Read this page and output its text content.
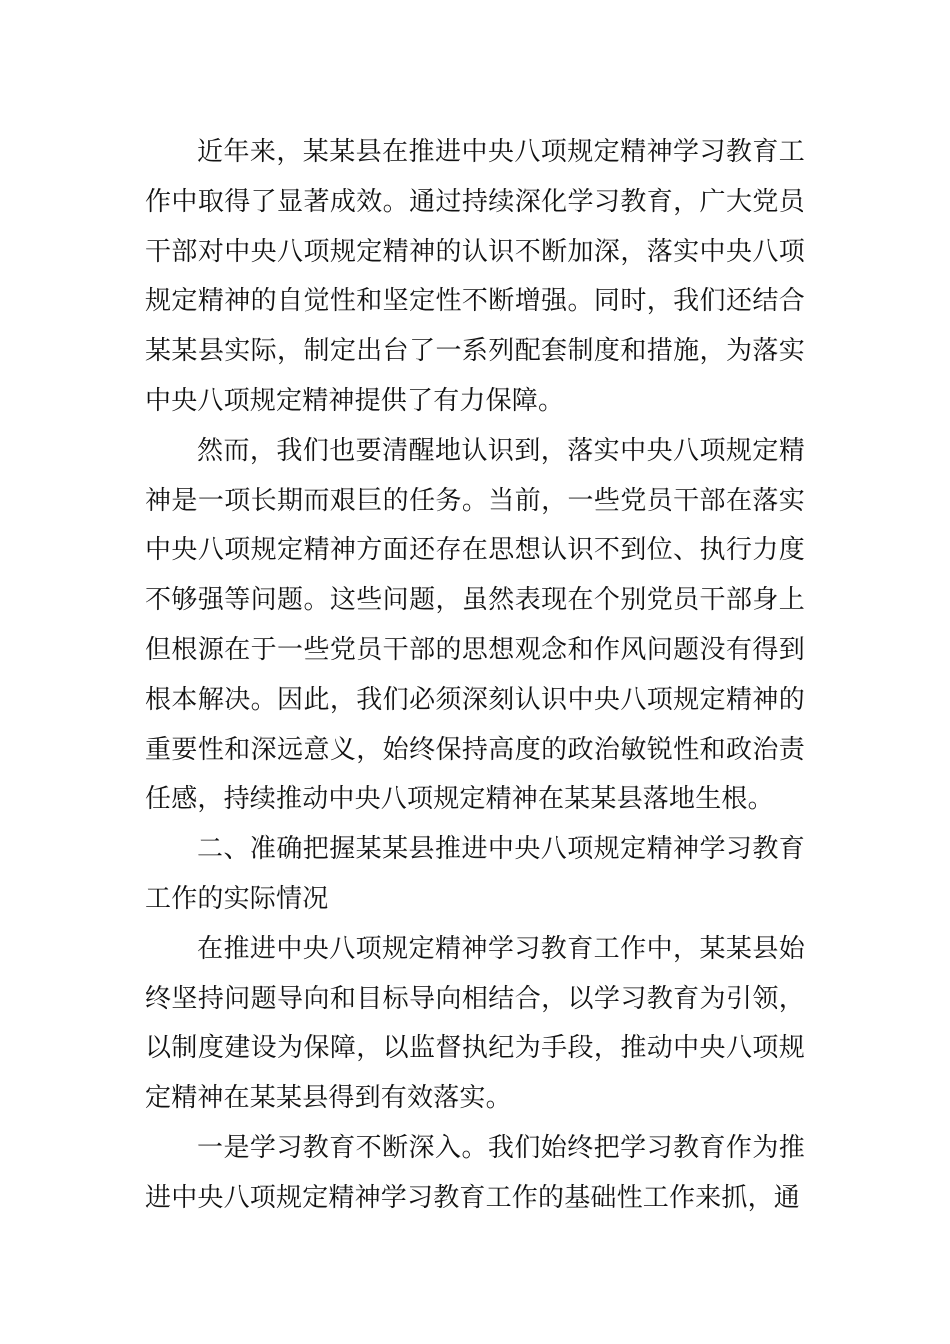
近年来，某某县在推进中央八项规定精神学习教育工作中取得了显著成效。通过持续深化学习教育，广大党员干部对中央八项规定精神的认识不断加深，落实中央八项规定精神的自觉性和坚定性不断增强。同时，我们还结合某某县实际，制定出台了一系列配套制度和措施，为落实中央八项规定精神提供了有力保障。

然而，我们也要清醒地认识到，落实中央八项规定精神是一项长期而艰巨的任务。当前，一些党员干部在落实中央八项规定精神方面还存在思想认识不到位、执行力度不够强等问题。这些问题，虽然表现在个别党员干部身上但根源在于一些党员干部的思想观念和作风问题没有得到根本解决。因此，我们必须深刻认识中央八项规定精神的重要性和深远意义，始终保持高度的政治敏锐性和政治责任感，持续推动中央八项规定精神在某某县落地生根。

二、准确把握某某县推进中央八项规定精神学习教育工作的实际情况

在推进中央八项规定精神学习教育工作中，某某县始终坚持问题导向和目标导向相结合，以学习教育为引领，以制度建设为保障，以监督执纪为手段，推动中央八项规定精神在某某县得到有效落实。

一是学习教育不断深入。我们始终把学习教育作为推进中央八项规定精神学习教育工作的基础性工作来抓，通
